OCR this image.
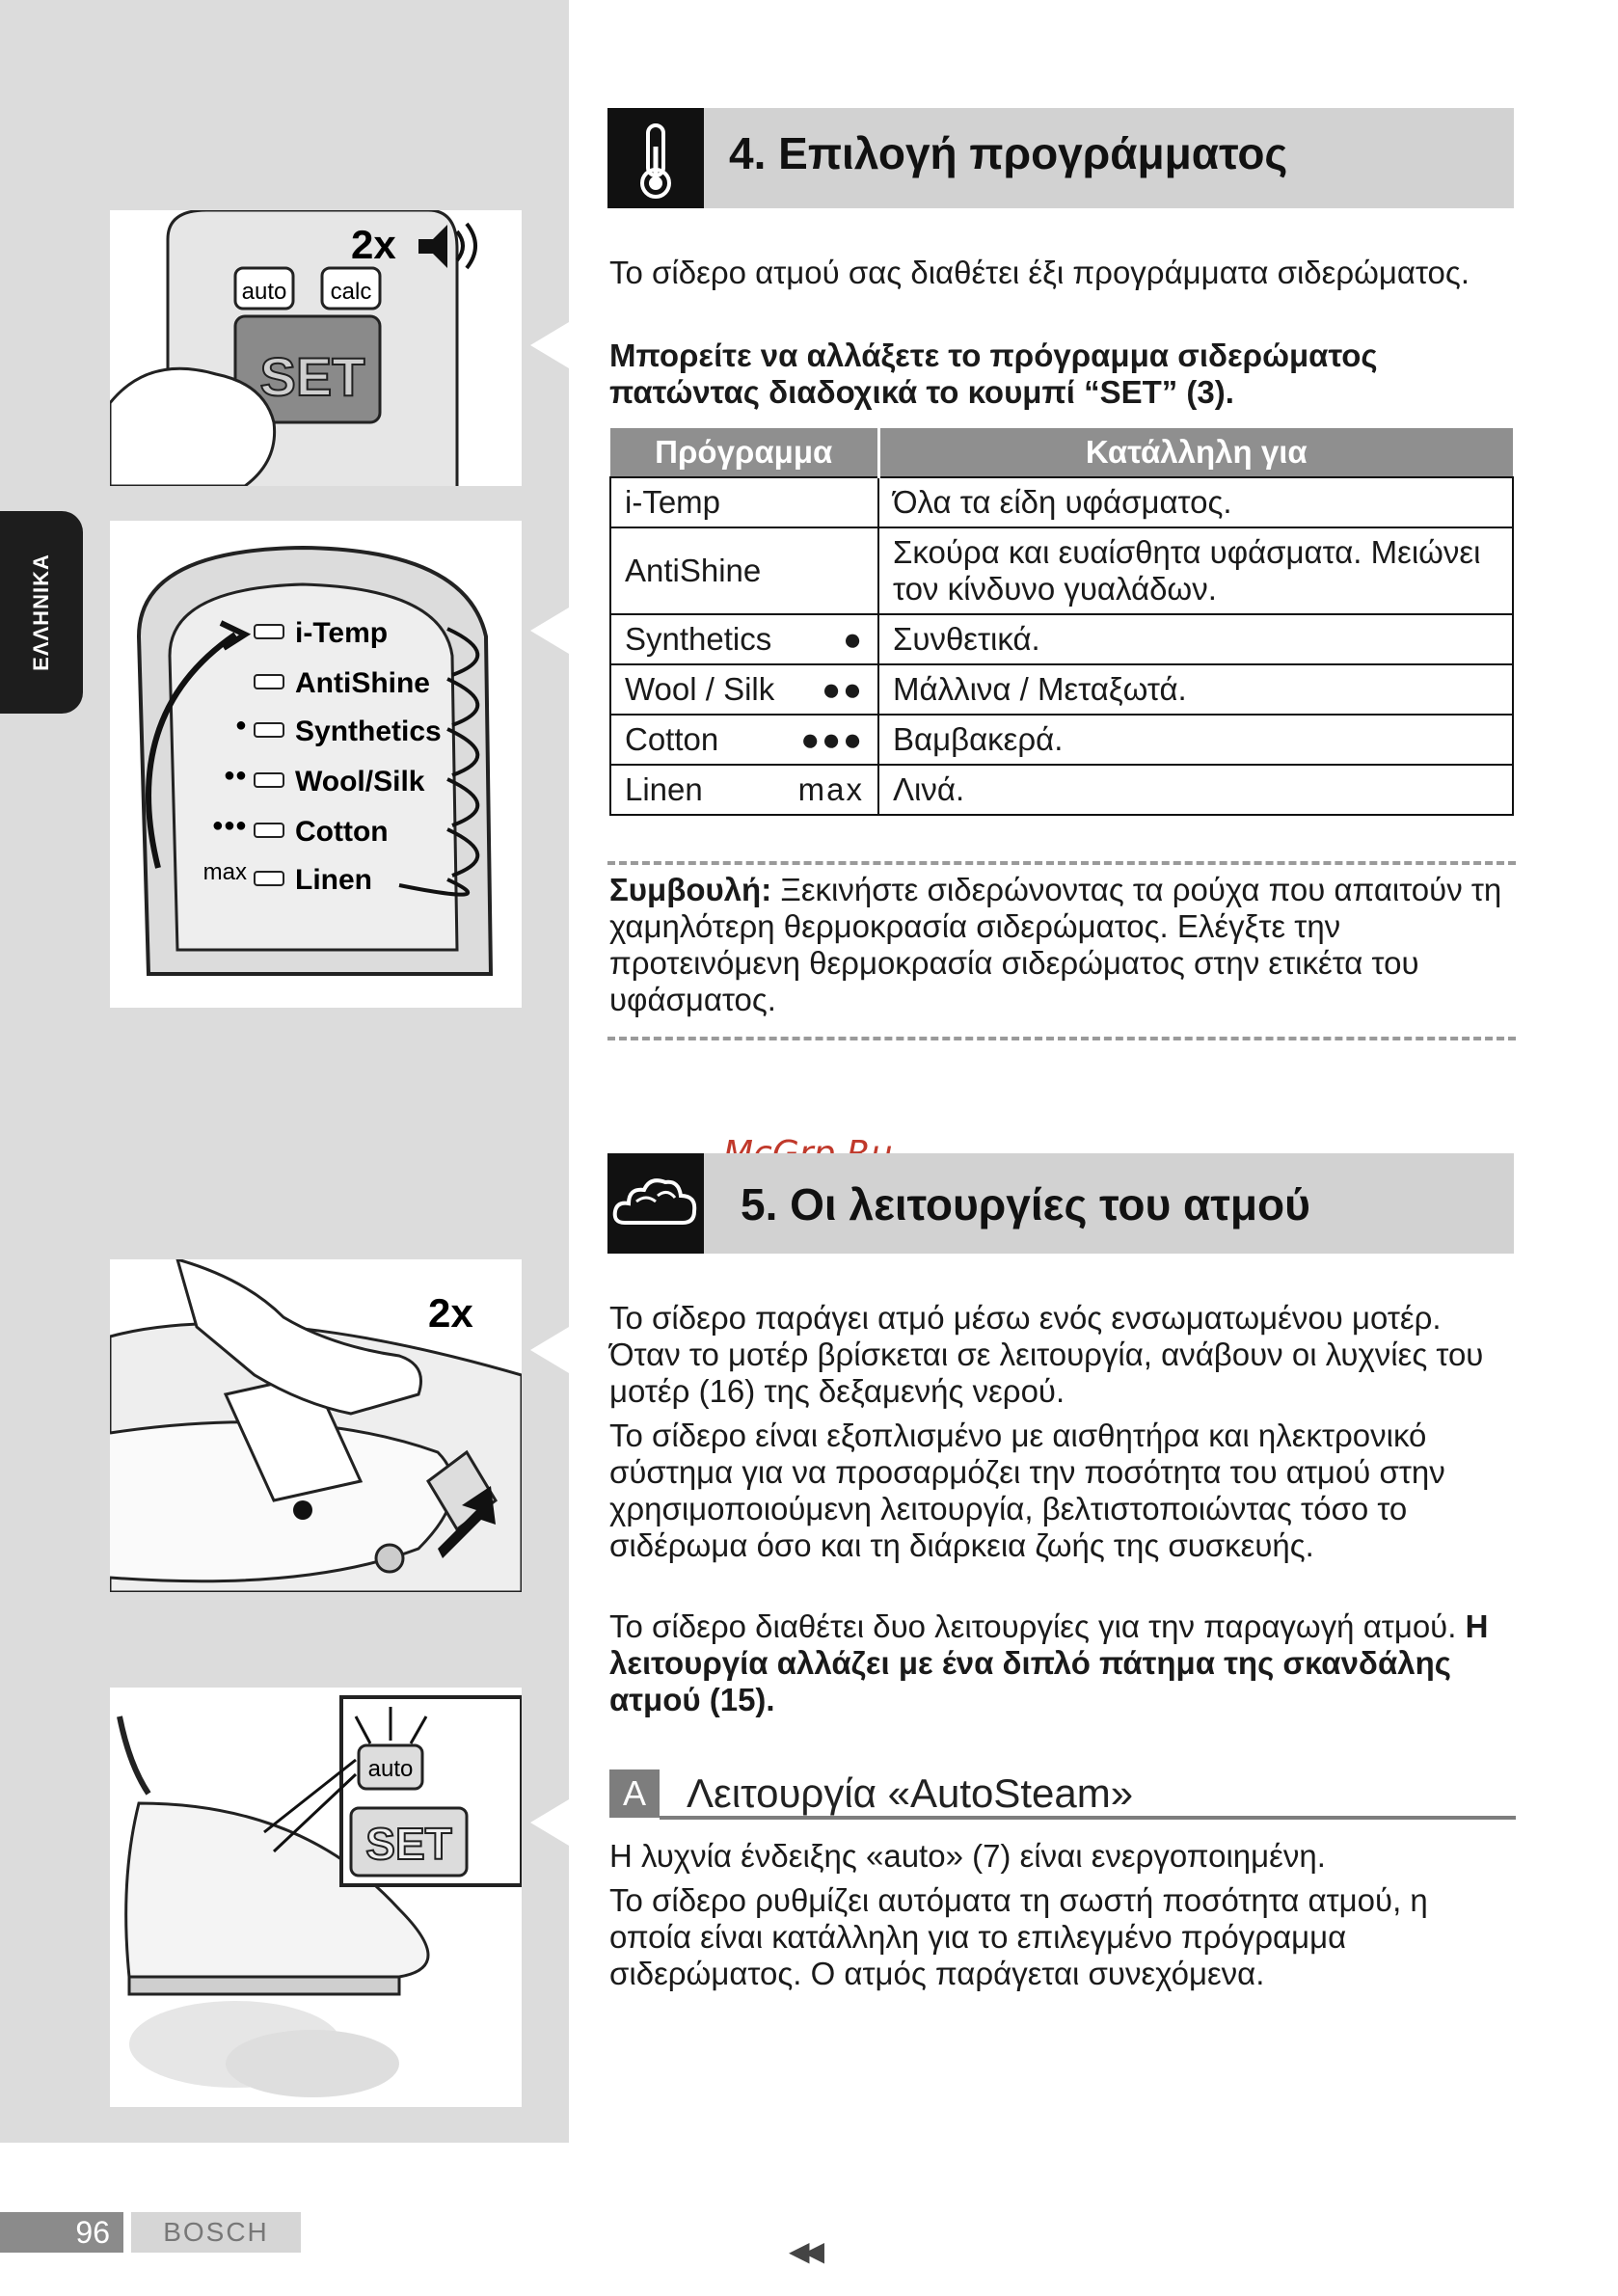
ΕΛΛΗΝΙΚΑ
auto calc
SET
2x
i-Temp
AntiShine
● Synthetics
●● Wool/Silk
●●● Cotton
max Linen
2x
auto
SET
4. Επιλογή προγράμματος
Το σίδερο ατμού σας διαθέτει έξι προγράμματα σιδερώματος.
Μπορείτε να αλλάξετε το πρόγραμμα σιδερώματος πατώντας διαδοχικά το κουμπί “SET” (3).
Πρόγραμμα	Κατάλληλη για
i-Temp	Όλα τα είδη υφάσματος.
AntiShine	Σκούρα και ευαίσθητα υφάσματα. Μειώνει τον κίνδυνο γυαλάδων.
Synthetics ●	Συνθετικά.
Wool / Silk ●●	Μάλλινα / Μεταξωτά.
Cotton ●●●	Βαμβακερά.
Linen max	Λινά.
Συμβουλή: Ξεκινήστε σιδερώνοντας τα ρούχα που απαιτούν τη χαμηλότερη θερμοκρασία σιδερώματος. Ελέγξτε την προτεινόμενη θερμοκρασία σιδερώματος στην ετικέτα του υφάσματος.
5. Οι λειτουργίες του ατμού
Το σίδερο παράγει ατμό μέσω ενός ενσωματωμένου μοτέρ. Όταν το μοτέρ βρίσκεται σε λειτουργία, ανάβουν οι λυχνίες του μοτέρ (16) της δεξαμενής νερού.
Το σίδερο είναι εξοπλισμένο με αισθητήρα και ηλεκτρονικό σύστημα για να προσαρμόζει την ποσότητα του ατμού στην χρησιμοποιούμενη λειτουργία, βελτιστοποιώντας τόσο το σιδέρωμα όσο και τη διάρκεια ζωής της συσκευής.
Το σίδερο διαθέτει δυο λειτουργίες για την παραγωγή ατμού. Η λειτουργία αλλάζει με ένα διπλό πάτημα της σκανδάλης ατμού (15).
A	Λειτουργία «AutoSteam»
Η λυχνία ένδειξης «auto» (7) είναι ενεργοποιημένη.
Το σίδερο ρυθμίζει αυτόματα τη σωστή ποσότητα ατμού, η οποία είναι κατάλληλη για το επιλεγμένο πρόγραμμα σιδερώματος. Ο ατμός παράγεται συνεχόμενα.
96	BOSCH
◀◀
